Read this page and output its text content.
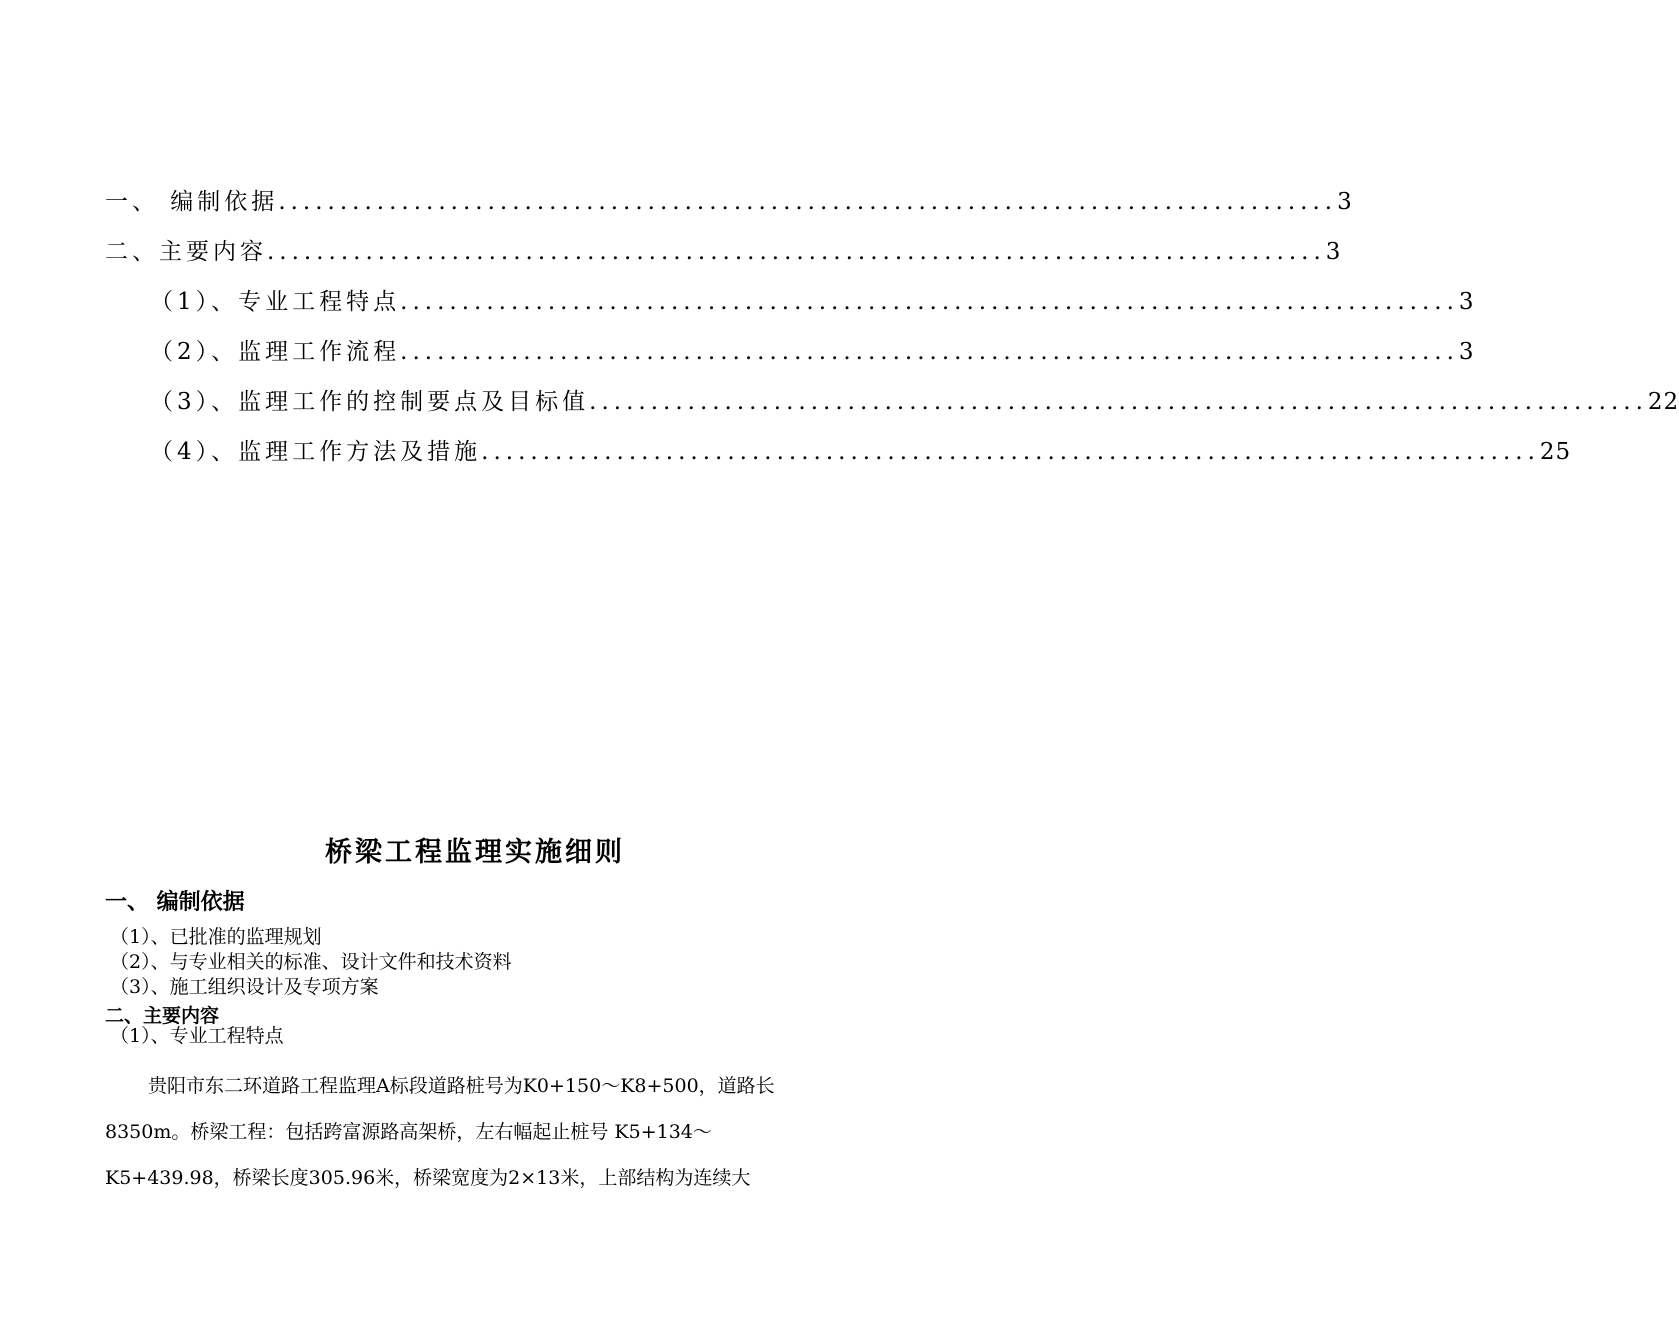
一、 编制依据 ...................................................................................... 3
二、主要内容 ...................................................................................... 3
（1）、专业工程特点 ...................................................................................... 3
（2）、监理工作流程 ...................................................................................... 3
（3）、监理工作的控制要点及目标值 ...................................................................................... 22
（4）、监理工作方法及措施 ...................................................................................... 25
桥梁工程监理实施细则
一、 编制依据
（1）、已批准的监理规划
（2）、与专业相关的标准、设计文件和技术资料
（3）、施工组织设计及专项方案
二、主要内容
（1）、专业工程特点
贵阳市东二环道路工程监理A标段道路桩号为K0+150～K8+500，道路长
8350m。桥梁工程：包括跨富源路高架桥，左右幅起止桩号 K5+134～
K5+439.98，桥梁长度305.96米，桥梁宽度为2×13米，上部结构为连续大
